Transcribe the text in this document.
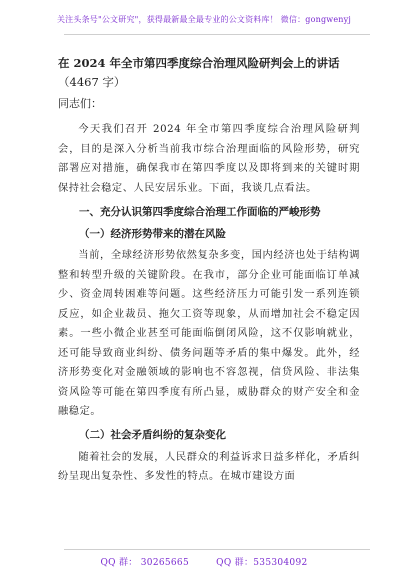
关注头条号"公文研究"，获得最新最全最专业的公文资料库！ 微信：gongwenyj
在 2024 年全市第四季度综合治理风险研判会上的讲话
（4467 字）
同志们：

今天我们召开 2024 年全市第四季度综合治理风险研判会，目的是深入分析当前我市综合治理面临的风险形势，研究部署应对措施，确保我市在第四季度以及即将到来的关键时期保持社会稳定、人民安居乐业。下面，我谈几点看法。

一、充分认识第四季度综合治理工作面临的严峻形势
（一）经济形势带来的潜在风险

当前，全球经济形势依然复杂多变，国内经济也处于结构调整和转型升级的关键阶段。在我市，部分企业可能面临订单减少、资金周转困难等问题。这些经济压力可能引发一系列连锁反应，如企业裁员、拖欠工资等现象，从而增加社会不稳定因素。一些小微企业甚至可能面临倒闭风险，这不仅影响就业，还可能导致商业纠纷、债务问题等矛盾的集中爆发。此外，经济形势变化对金融领域的影响也不容忽视，信贷风险、非法集资风险等可能在第四季度有所凸显，威胁群众的财产安全和金融稳定。

（二）社会矛盾纠纷的复杂变化

随着社会的发展，人民群众的利益诉求日益多样化，矛盾纠纷呈现出复杂性、多发性的特点。在城市建设方面

QQ 群： 30265665	QQ 群：535304092
